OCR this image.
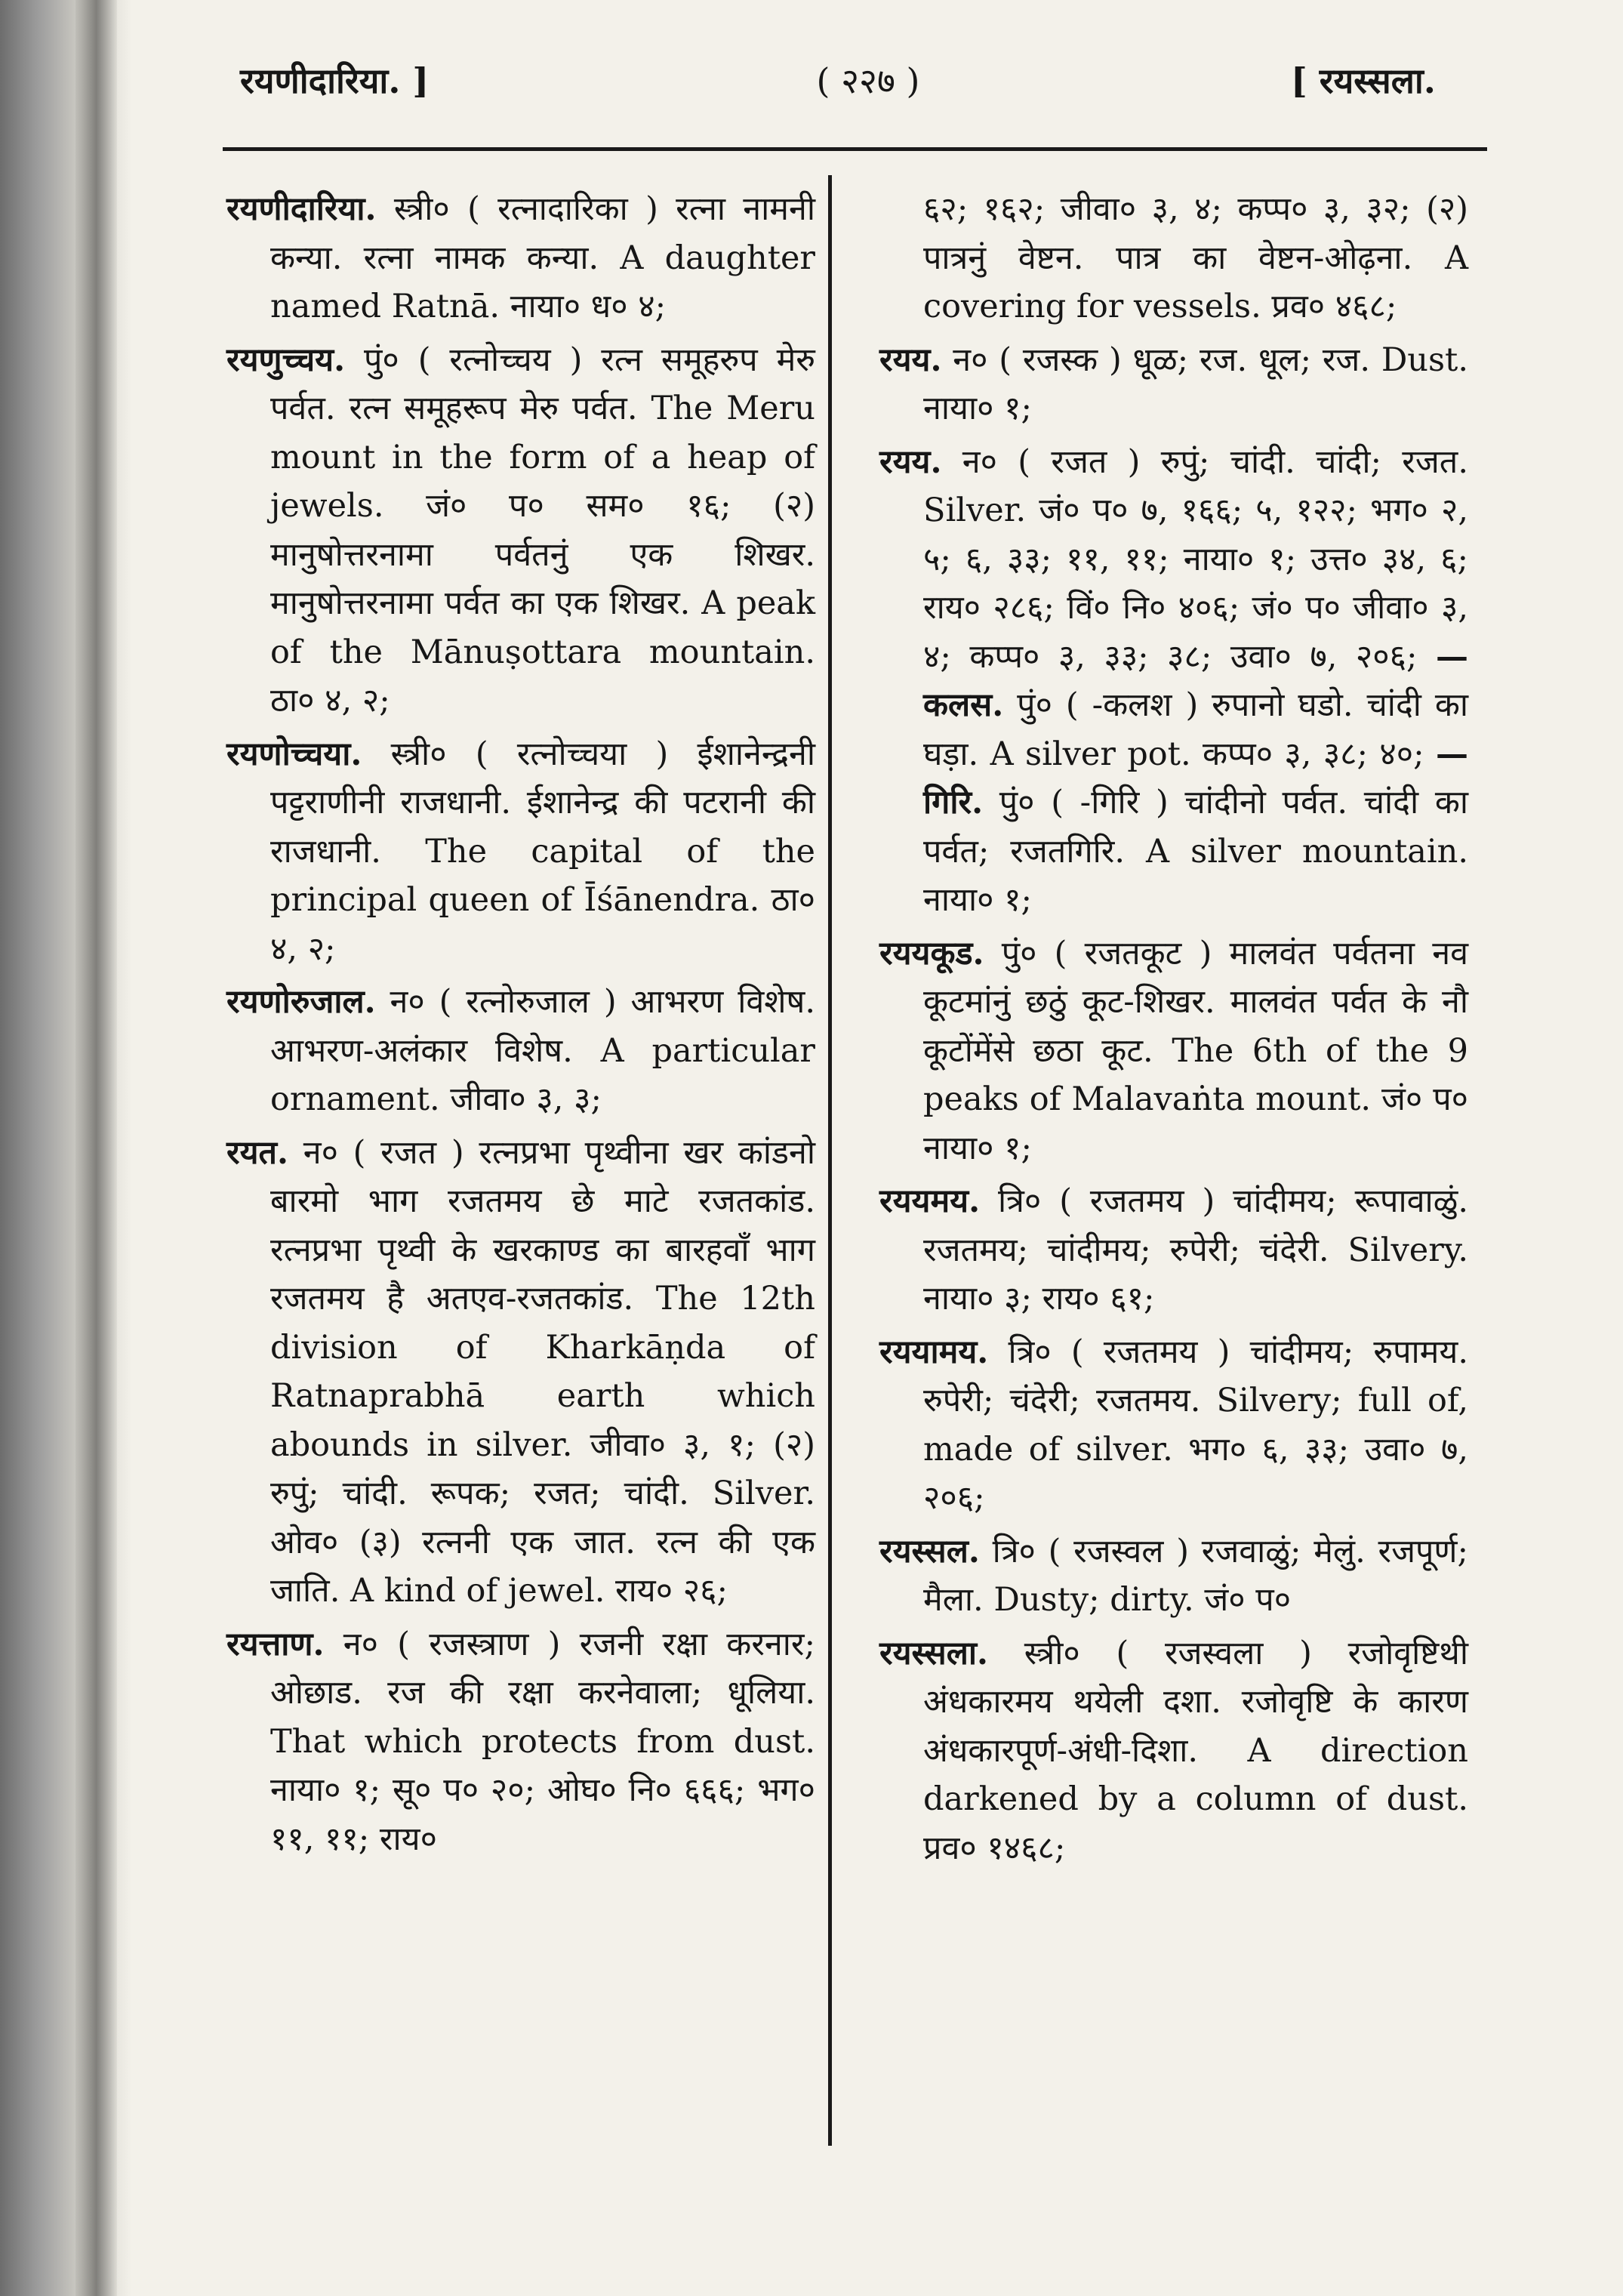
रयणीदारिया. ]	( २२७ )	[ रयस्सला.

रयणीदारिया. स्त्री० ( रत्नादारिका ) रत्ना नामनी कन्या. रत्ना नामक कन्या. A daughter named Ratnā. नाया० ध० ४;

रयणुच्चय. पुं० ( रत्नोच्चय ) रत्न समूहरुप मेरु पर्वत. रत्न समूहरूप मेरु पर्वत. The Meru mount in the form of a heap of jewels. जं० प० सम० १६; (२) मानुषोत्तरनामा पर्वतनुं एक शिखर. मानुषोत्तरनामा पर्वत का एक शिखर. A peak of the Mānuṣottara mountain. ठा० ४, २;

रयणोच्चया. स्त्री० ( रत्नोच्चया ) ईशानेन्द्रनी पट्टराणीनी राजधानी. ईशानेन्द्र की पटरानी की राजधानी. The capital of the principal queen of Īśānendra. ठा० ४, २;

रयणोरुजाल. न० ( रत्नोरुजाल ) आभरण विशेष. आभरण-अलंकार विशेष. A particular ornament. जीवा० ३, ३;

रयत. न० ( रजत ) रत्नप्रभा पृथ्वीना खर कांडनो बारमो भाग रजतमय छे माटे रजतकांड. रत्नप्रभा पृथ्वी के खरकाण्ड का बारहवाँ भाग रजतमय है अतएव-रजतकांड. The 12th division of Kharkāṇda of Ratnaprabhā earth which abounds in silver. जीवा० ३, १; (२) रुपुं; चांदी. रूपक; रजत; चांदी. Silver. ओव० (३) रत्ननी एक जात. रत्न की एक जाति. A kind of jewel. राय० २६;

रयत्ताण. न० ( रजस्त्राण ) रजनी रक्षा करनार; ओछाड. रज की रक्षा करनेवाला; धूलिया. That which protects from dust. नाया० १; सू० प० २०; ओघ० नि० ६६६; भग० ११, ११; राय०

६२; १६२; जीवा० ३, ४; कप्प० ३, ३२; (२) पात्रनुं वेष्टन. पात्र का वेष्टन-ओढ़ना. A covering for vessels. प्रव० ४६८;

रयय. न० ( रजस्क ) धूळ; रज. धूल; रज. Dust. नाया० १;

रयय. न० ( रजत ) रुपुं; चांदी. चांदी; रजत. Silver. जं० प० ७, १६६; ५, १२२; भग० २, ५; ६, ३३; ११, ११; नाया० १; उत्त० ३४, ६; राय० २८६; विं० नि० ४०६; जं० प० जीवा० ३, ४; कप्प० ३, ३३; ३८; उवा० ७, २०६; —कलस. पुं० ( -कलश ) रुपानो घडो. चांदी का घड़ा. A silver pot. कप्प० ३, ३८; ४०; —गिरि. पुं० ( -गिरि ) चांदीनो पर्वत. चांदी का पर्वत; रजतगिरि. A silver mountain. नाया० १;

रययकूड. पुं० ( रजतकूट ) मालवंत पर्वतना नव कूटमांनुं छठुं कूट-शिखर. मालवंत पर्वत के नौ कूटोंमेंसे छठा कूट. The 6th of the 9 peaks of Malavaṅta mount. जं० प० नाया० १;

रययमय. त्रि० ( रजतमय ) चांदीमय; रूपावाळुं. रजतमय; चांदीमय; रुपेरी; चंदेरी. Silvery. नाया० ३; राय० ६१;

रययामय. त्रि० ( रजतमय ) चांदीमय; रुपामय. रुपेरी; चंदेरी; रजतमय. Silvery; full of, made of silver. भग० ६, ३३; उवा० ७, २०६;

रयस्सल. त्रि० ( रजस्वल ) रजवाळुं; मेलुं. रजपूर्ण; मैला. Dusty; dirty. जं० प०

रयस्सला. स्त्री० ( रजस्वला ) रजोवृष्टिथी अंधकारमय थयेली दशा. रजोवृष्टि के कारण अंधकारपूर्ण-अंधी-दिशा. A direction darkened by a column of dust. प्रव० १४६८;
